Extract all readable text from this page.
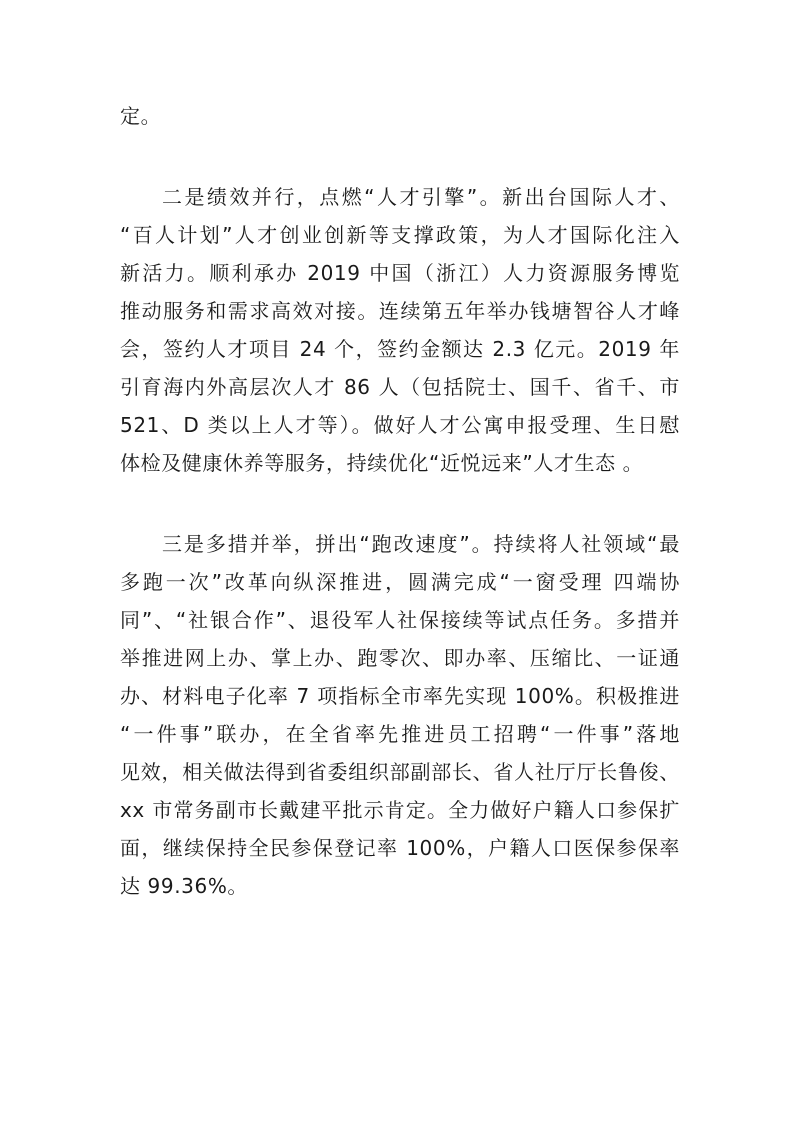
定。
二是绩效并行，点燃“人才引擎”。新出台国际人才、
“百人计划”人才创业创新等支撑政策，为人才国际化注入
新活力。顺利承办 2019 中国（浙江）人力资源服务博览
推动服务和需求高效对接。连续第五年举办钱塘智谷人才峰
会，签约人才项目 24 个，签约金额达 2.3 亿元。2019 年
引育海内外高层次人才 86 人（包括院士、国千、省千、市
521、D 类以上人才等）。做好人才公寓申报受理、生日慰
体检及健康休养等服务，持续优化“近悦远来”人才生态 。
三是多措并举，拼出“跑改速度”。持续将人社领域“最
多跑一次”改革向纵深推进，圆满完成“一窗受理 四端协
同”、“社银合作”、退役军人社保接续等试点任务。多措并
举推进网上办、掌上办、跑零次、即办率、压缩比、一证通
办、材料电子化率 7 项指标全市率先实现 100%。积极推进
“一件事”联办，在全省率先推进员工招聘“一件事”落地
见效，相关做法得到省委组织部副部长、省人社厅厅长鲁俊、
xx 市常务副市长戴建平批示肯定。全力做好户籍人口参保扩
面，继续保持全民参保登记率 100%，户籍人口医保参保率
达 99.36%。
